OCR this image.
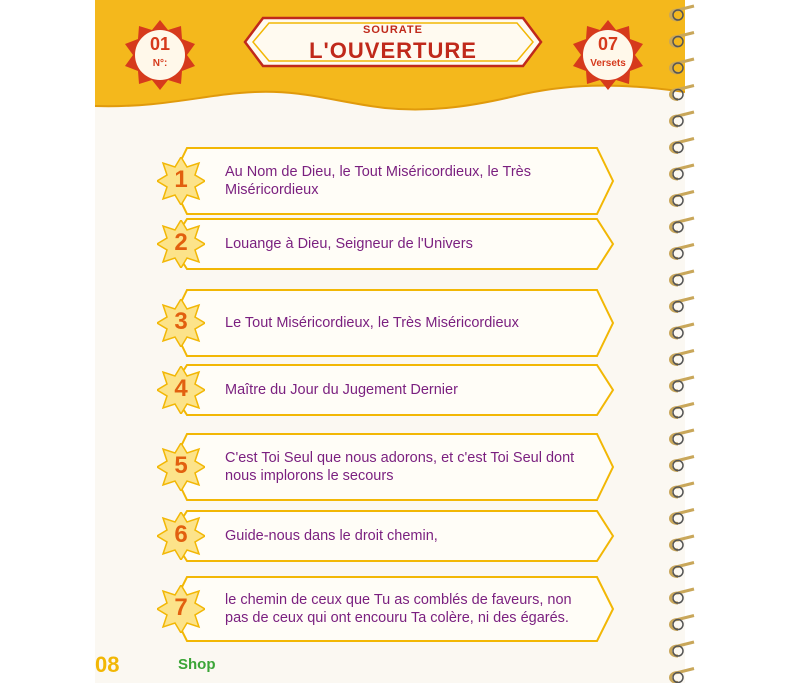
01
N°:
SOURATE
L'OUVERTURE	07
Versets
1	Au Nom de Dieu, le Tout Miséricordieux, le Très Miséricordieux
2	Louange à Dieu, Seigneur de l'Univers
3	Le Tout Miséricordieux, le Très Miséricordieux
4	Maître du Jour du Jugement Dernier
5	C'est Toi Seul que nous adorons, et c'est Toi Seul dont nous implorons le secours
6	Guide-nous dans le droit chemin,
7	le chemin de ceux que Tu as comblés de faveurs, non pas de ceux qui ont encouru Ta colère, ni des égarés.
08	Shop
